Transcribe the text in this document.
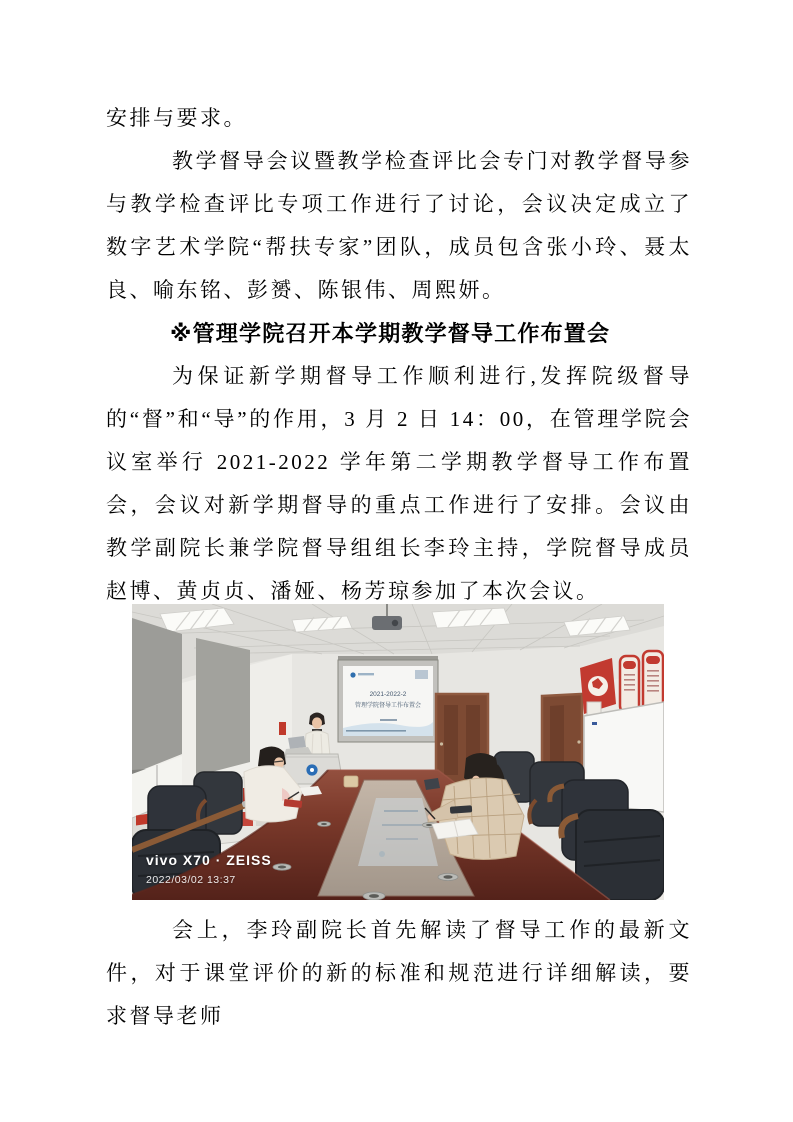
安排与要求。

教学督导会议暨教学检查评比会专门对教学督导参与教学检查评比专项工作进行了讨论，会议决定成立了数字艺术学院“帮扶专家”团队，成员包含张小玲、聂太良、喻东铭、彭赟、陈银伟、周熙妍。

※管理学院召开本学期教学督导工作布置会

为保证新学期督导工作顺利进行,发挥院级督导的“督”和“导”的作用，3 月 2 日 14：00，在管理学院会议室举行 2021-2022 学年第二学期教学督导工作布置会，会议对新学期督导的重点工作进行了安排。会议由教学副院长兼学院督导组组长李玲主持，学院督导成员赵博、黄贞贞、潘娅、杨芳琼参加了本次会议。

2021-2022-2
管理学院督导工作布置会
vivo X70 · ZEISS
2022/03/02 13:37

会上，李玲副院长首先解读了督导工作的最新文件，对于课堂评价的新的标准和规范进行详细解读，要求督导老师
